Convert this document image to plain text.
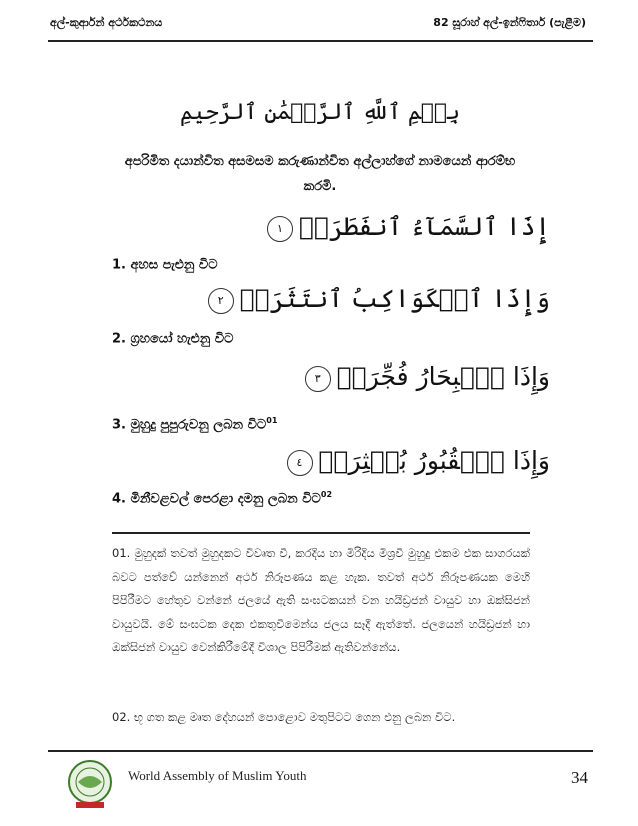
අල්-කුර්ආන් අර්ථකථනය	82 සූරාහ් අල්-ඉන්ෆිතාර් (පැළීම)
بِسۡمِ ٱللَّهِ ٱلرَّحۡمَٰنِ ٱلرَّحِيمِ
අපරිමිත දයාන්විත අසමසම කරුණාන්විත අල්ලාහ්ගේ නාමයෙන් ආරම්භ කරමි.
إِذَا ٱلسَّمَآءُ ٱنفَطَرَتۡ١
1. අහස පැළුනු විට
وَإِذَا ٱلۡكَوَاكِبُ ٱنتَثَرَتۡ٢
2. ග්‍රහයෝ හැළුනු විට
وَإِذَا ٱلۡبِحَارُ فُجِّرَتۡ٣
3. මුහුදු පුපුරුවනු ලබන විට$^{01}$
وَإِذَا ٱلۡقُبُورُ بُعۡثِرَتۡ٤
4. මිනීවළවල් පෙරළා දමනු ලබන විට$^{02}$
01. මුහුදක් තවත් මුහුදකට විවෘත වී, කරදිය හා මිරිදිය මිශ්‍රවී මුහුදු එකම එක සාගරයක් බවට පත්වේ යන්නෙන් අර්ථ නිරූපණය කළ හැක. තවත් අර්ථ නිරූපණයක මෙහි පිපිරීමට හේතුව වන්නේ ජලයේ ඇති සංඝටකයන් වන හයිඩ්‍රජන් වායුව හා ඔක්සිජන් වායුවයි. මේ සංඝටක දෙක එකතුවීමෙන්ය ජලය සෑදී ඇත්තේ. ජලයෙන් හයිඩ්‍රජන් හා ඔක්සිජන් වායුව වෙන්කිරීමේදී විශාල පිපිරීමක් ඇතිවන්නේය.
02. භූ ගත කළ මෘත දේහයන් පොළොව මතුපිටට ගෙන එනු ලබන විට.
World Assembly of Muslim Youth	34
